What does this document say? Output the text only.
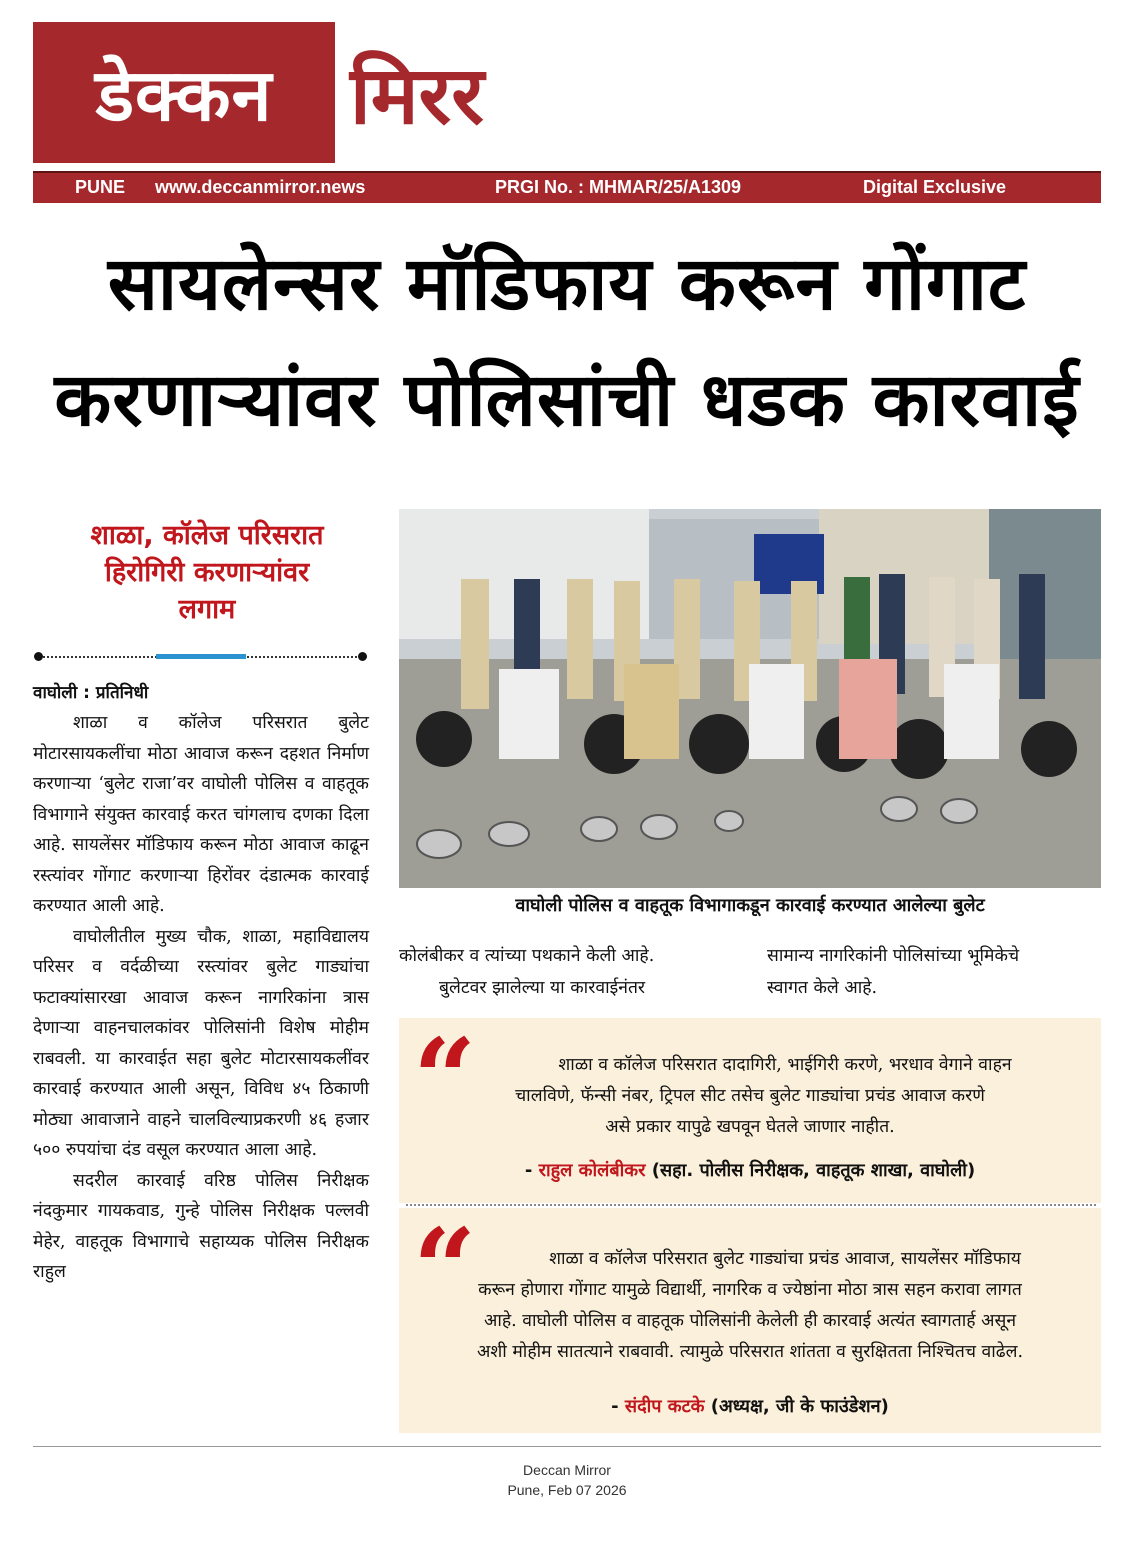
डेक्कन मिरर
PUNE www.deccanmirror.news	PRGI No. : MHMAR/25/A1309	Digital Exclusive
सायलेन्सर मॉडिफाय करून गोंगाट
करणाऱ्यांवर पोलिसांची धडक कारवाई
शाळा, कॉलेज परिसरात
हिरोगिरी करणाऱ्यांवर
लगाम
वाघोली : प्रतिनिधी

शाळा व कॉलेज परिसरात बुलेट मोटारसायकलींचा मोठा आवाज करून दहशत निर्माण करणाऱ्या ‘बुलेट राजा’वर वाघोली पोलिस व वाहतूक विभागाने संयुक्त कारवाई करत चांगलाच दणका दिला आहे. सायलेंसर मॉडिफाय करून मोठा आवाज काढून रस्त्यांवर गोंगाट करणाऱ्या हिरोंवर दंडात्मक कारवाई करण्यात आली आहे.

वाघोलीतील मुख्य चौक, शाळा, महाविद्यालय परिसर व वर्दळीच्या रस्त्यांवर बुलेट गाड्यांचा फटाक्यांसारखा आवाज करून नागरिकांना त्रास देणाऱ्या वाहनचालकांवर पोलिसांनी विशेष मोहीम राबवली. या कारवाईत सहा बुलेट मोटारसायकलींवर कारवाई करण्यात आली असून, विविध ४५ ठिकाणी मोठ्या आवाजाने वाहने चालविल्याप्रकरणी ४६ हजार ५०० रुपयांचा दंड वसूल करण्यात आला आहे.

सदरील कारवाई वरिष्ठ पोलिस निरीक्षक नंदकुमार गायकवाड, गुन्हे पोलिस निरीक्षक पल्लवी मेहेर, वाहतूक विभागाचे सहाय्यक पोलिस निरीक्षक राहुल

वाघोली पोलिस व वाहतूक विभागाकडून कारवाई करण्यात आलेल्या बुलेट
कोलंबीकर व त्यांच्या पथकाने केली आहे.
बुलेटवर झालेल्या या कारवाईनंतर
सामान्य नागरिकांनी पोलिसांच्या भूमिकेचे
स्वागत केले आहे.
“	शाळा व कॉलेज परिसरात दादागिरी, भाईगिरी करणे, भरधाव वेगाने वाहन
चालविणे, फॅन्सी नंबर, ट्रिपल सीट तसेच बुलेट गाड्यांचा प्रचंड आवाज करणे
असे प्रकार यापुढे खपवून घेतले जाणार नाहीत.
- राहुल कोलंबीकर (सहा. पोलीस निरीक्षक, वाहतूक शाखा, वाघोली)
“	शाळा व कॉलेज परिसरात बुलेट गाड्यांचा प्रचंड आवाज, सायलेंसर मॉडिफाय
करून होणारा गोंगाट यामुळे विद्यार्थी, नागरिक व ज्येष्ठांना मोठा त्रास सहन करावा लागत
आहे. वाघोली पोलिस व वाहतूक पोलिसांनी केलेली ही कारवाई अत्यंत स्वागतार्ह असून
अशी मोहीम सातत्याने राबवावी. त्यामुळे परिसरात शांतता व सुरक्षितता निश्चितच वाढेल.
- संदीप कटके (अध्यक्ष, जी के फाउंडेशन)
Deccan Mirror
Pune, Feb 07 2026
